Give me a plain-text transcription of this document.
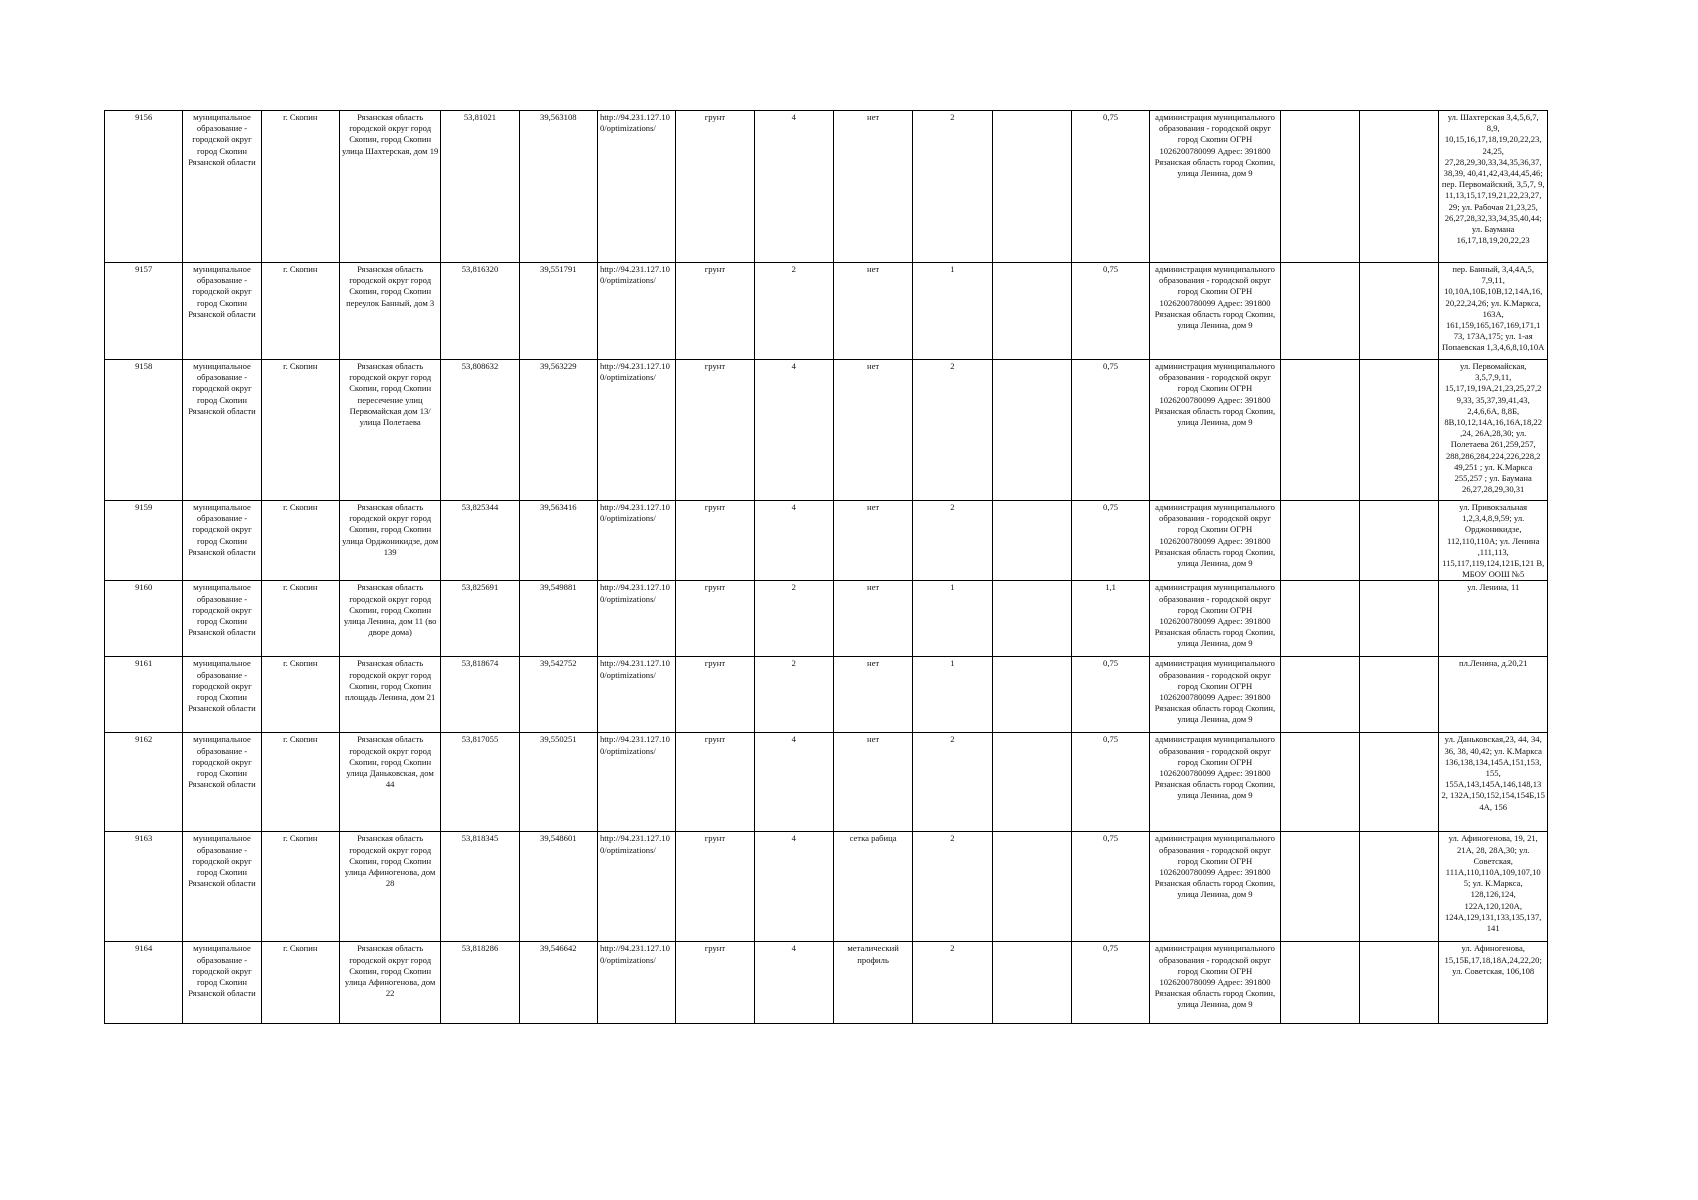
9156	муниципальное образование - городской округ город Скопин Рязанской области	г. Скопин	Рязанская область городской округ город Скопин, город Скопин улица Шахтерская, дом 19	53,81021	39,563108	http://94.231.127.100/optimizations/	грунт	4	нет	2		0,75	администрация муниципального образования - городской округ город Скопин ОГРН 1026200780099 Адрес: 391800 Рязанская область город Скопин, улица Ленина, дом 9			ул. Шахтерская 3,4,5,6,7, 8,9, 10,15,16,17,18,19,20,22,23, 24,25, 27,28,29,30,33,34,35,36,37, 38,39, 40,41,42,43,44,45,46; пер. Первомайский, 3,5,7, 9, 11,13,15,17,19,21,22,23,27, 29; ул. Рабочая 21,23,25, 26,27,28,32,33,34,35,40,44; ул. Баумана 16,17,18,19,20,22,23
9157	муниципальное образование - городской округ город Скопин Рязанской области	г. Скопин	Рязанская область городской округ город Скопин, город Скопин переулок Банный, дом 3	53,816320	39,551791	http://94.231.127.100/optimizations/	грунт	2	нет	1		0,75	администрация муниципального образования - городской округ город Скопин ОГРН 1026200780099 Адрес: 391800 Рязанская область город Скопин, улица Ленина, дом 9			пер. Банный, 3,4,4А,5, 7,9,11, 10,10А,10Б,10В,12,14А,16, 20,22,24,26; ул. К.Маркса, 163А, 161,159,165,167,169,171,1 73, 173А,175; ул. 1-ая Попаевская 1,3,4,6,8,10,10А
9158	муниципальное образование - городской округ город Скопин Рязанской области	г. Скопин	Рязанская область городской округ город Скопин, город Скопин пересечение улиц Первомайская дом 13/улица Полетаева	53,808632	39,563229	http://94.231.127.100/optimizations/	грунт	4	нет	2		0,75	администрация муниципального образования - городской округ город Скопин ОГРН 1026200780099 Адрес: 391800 Рязанская область город Скопин, улица Ленина, дом 9			ул. Первомайская, 3,5,7,9,11, 15,17,19,19А,21,23,25,27,2 9,33, 35,37,39,41,43, 2,4,6,6А, 8,8Б, 8В,10,12,14А,16,16А,18,22 ,24, 26А,28,30; ул. Полетаева 261,259,257, 288,286,284,224,226,228,2 49,251 ; ул. К.Маркса 255,257 ; ул. Баумана 26,27,28,29,30,31
9159	муниципальное образование - городской округ город Скопин Рязанской области	г. Скопин	Рязанская область городской округ город Скопин, город Скопин улица Орджоникидзе, дом 139	53,825344	39,563416	http://94.231.127.100/optimizations/	грунт	4	нет	2		0,75	администрация муниципального образования - городской округ город Скопин ОГРН 1026200780099 Адрес: 391800 Рязанская область город Скопин, улица Ленина, дом 9			ул. Привокзальная 1,2,3,4,8,9,59; ул. Орджоникидзе, 112,110,110А; ул. Ленина ,111,113, 115,117,119,124,121Б,121 В, МБОУ ООШ №5
9160	муниципальное образование - городской округ город Скопин Рязанской области	г. Скопин	Рязанская область городской округ город Скопин, город Скопин улица Ленина, дом 11 (во дворе дома)	53,825691	39,549881	http://94.231.127.100/optimizations/	грунт	2	нет	1		1,1	администрация муниципального образования - городской округ город Скопин ОГРН 1026200780099 Адрес: 391800 Рязанская область город Скопин, улица Ленина, дом 9			ул. Ленина, 11
9161	муниципальное образование - городской округ город Скопин Рязанской области	г. Скопин	Рязанская область городской округ город Скопин, город Скопин площадь Ленина, дом 21	53,818674	39,542752	http://94.231.127.100/optimizations/	грунт	2	нет	1		0,75	администрация муниципального образования - городской округ город Скопин ОГРН 1026200780099 Адрес: 391800 Рязанская область город Скопин, улица Ленина, дом 9			пл.Ленина, д.20,21
9162	муниципальное образование - городской округ город Скопин Рязанской области	г. Скопин	Рязанская область городской округ город Скопин, город Скопин улица Даньковская, дом 44	53,817055	39,550251	http://94.231.127.100/optimizations/	грунт	4	нет	2		0,75	администрация муниципального образования - городской округ город Скопин ОГРН 1026200780099 Адрес: 391800 Рязанская область город Скопин, улица Ленина, дом 9			ул. Даньковская,23, 44, 34, 36, 38, 40,42; ул. К.Маркса 136,138,134,145А,151,153, 155, 155А,143,145А,146,148,13 2, 132А,150,152,154,154Б,15 4А, 156
9163	муниципальное образование - городской округ город Скопин Рязанской области	г. Скопин	Рязанская область городской округ город Скопин, город Скопин улица Афиногенова, дом 28	53,818345	39,548601	http://94.231.127.100/optimizations/	грунт	4	сетка рабица	2		0,75	администрация муниципального образования - городской округ город Скопин ОГРН 1026200780099 Адрес: 391800 Рязанская область город Скопин, улица Ленина, дом 9			ул. Афиногенова, 19, 21, 21А, 28, 28А,30; ул. Советская, 111А,110,110А,109,107,10 5; ул. К.Маркса, 128,126,124, 122А,120,120А, 124А,129,131,133,135,137, 141
9164	муниципальное образование - городской округ город Скопин Рязанской области	г. Скопин	Рязанская область городской округ город Скопин, город Скопин улица Афиногенова, дом 22	53,818286	39,546642	http://94.231.127.100/optimizations/	грунт	4	металический профиль	2		0,75	администрация муниципального образования - городской округ город Скопин ОГРН 1026200780099 Адрес: 391800 Рязанская область город Скопин, улица Ленина, дом 9			ул. Афиногенова, 15,15Б,17,18,18А,24,22,20; ул. Советская, 106,108
